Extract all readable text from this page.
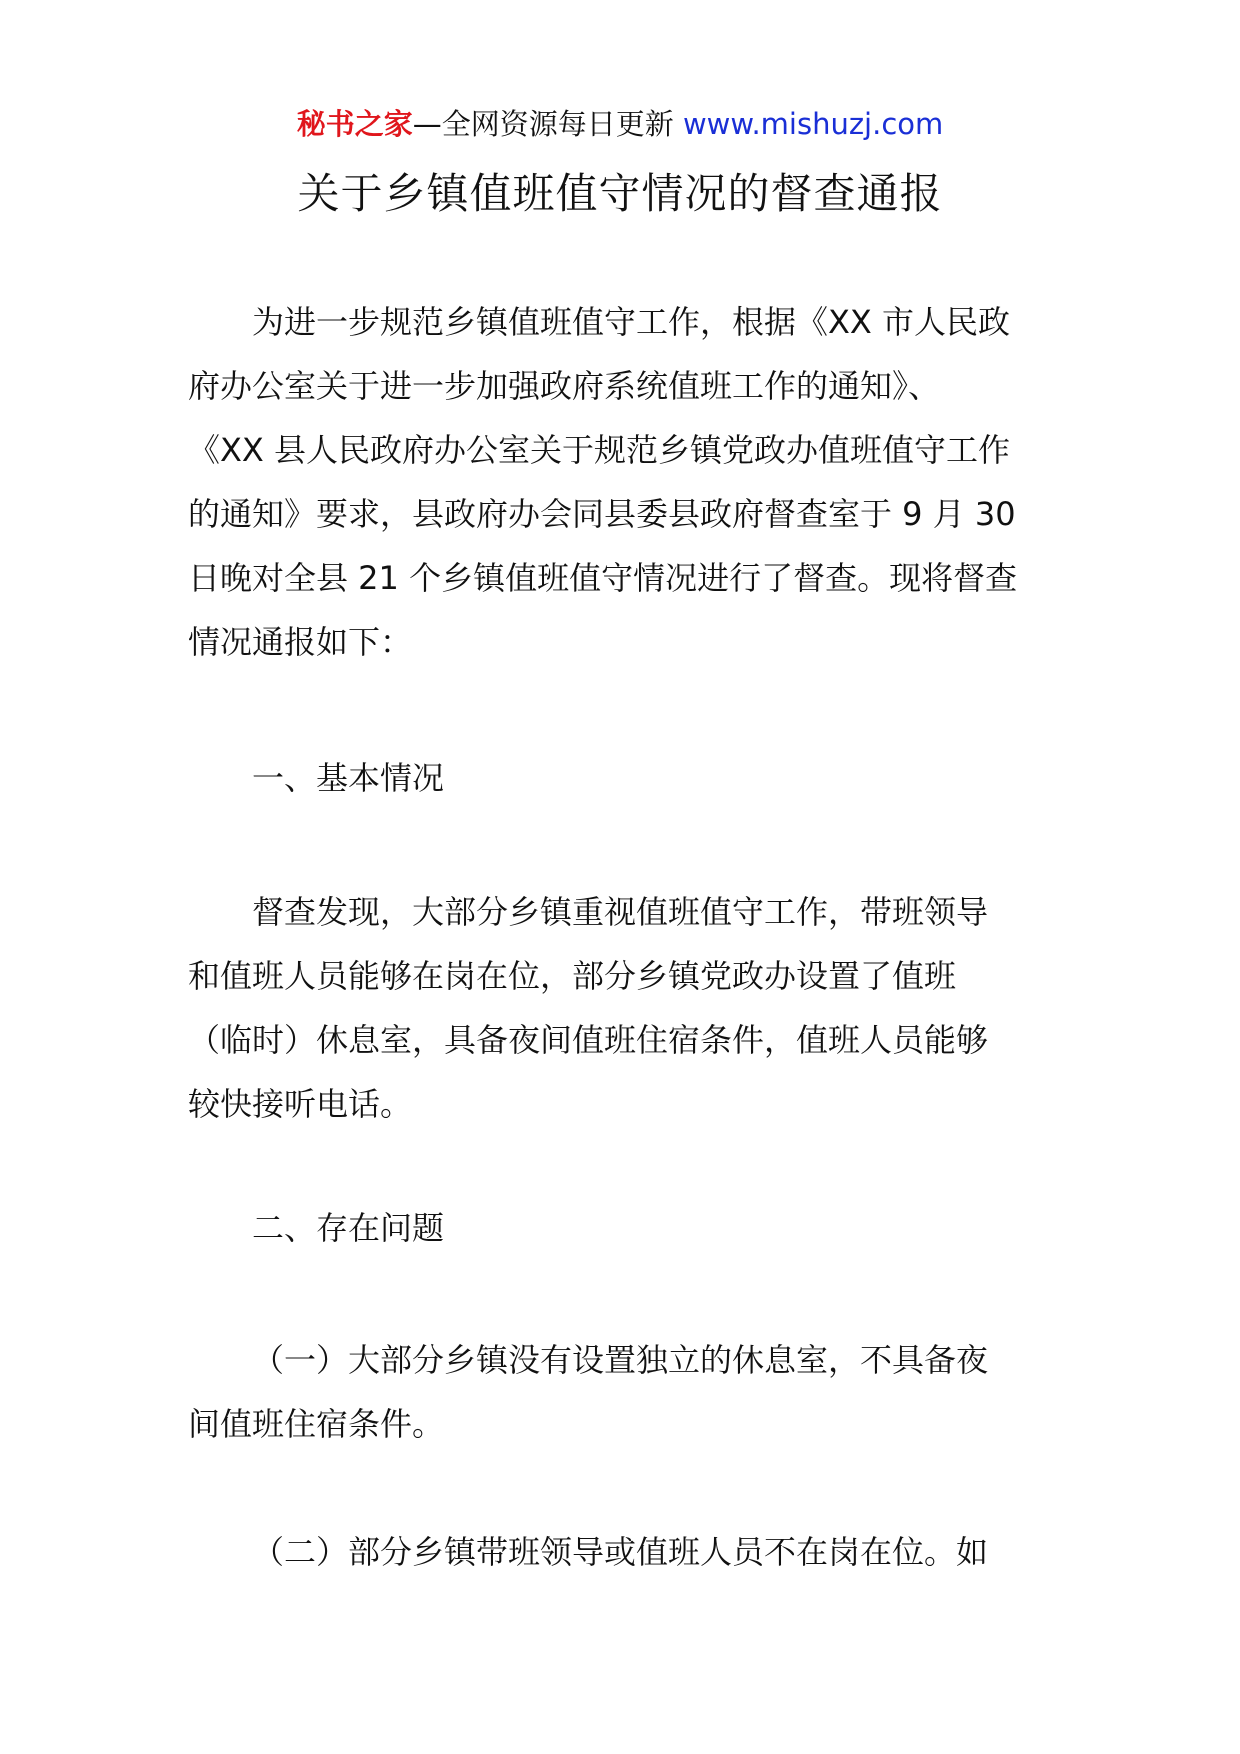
秘书之家—全网资源每日更新 www.mishuzj.com
关于乡镇值班值守情况的督查通报
为进一步规范乡镇值班值守工作，根据《XX 市人民政
府办公室关于进一步加强政府系统值班工作的通知》、
《XX 县人民政府办公室关于规范乡镇党政办值班值守工作
的通知》要求，县政府办会同县委县政府督查室于 9 月 30
日晚对全县 21 个乡镇值班值守情况进行了督查。现将督查
情况通报如下：
一、基本情况
督查发现，大部分乡镇重视值班值守工作，带班领导
和值班人员能够在岗在位，部分乡镇党政办设置了值班
（临时）休息室，具备夜间值班住宿条件，值班人员能够
较快接听电话。
二、存在问题
（一）大部分乡镇没有设置独立的休息室，不具备夜
间值班住宿条件。
（二）部分乡镇带班领导或值班人员不在岗在位。如
